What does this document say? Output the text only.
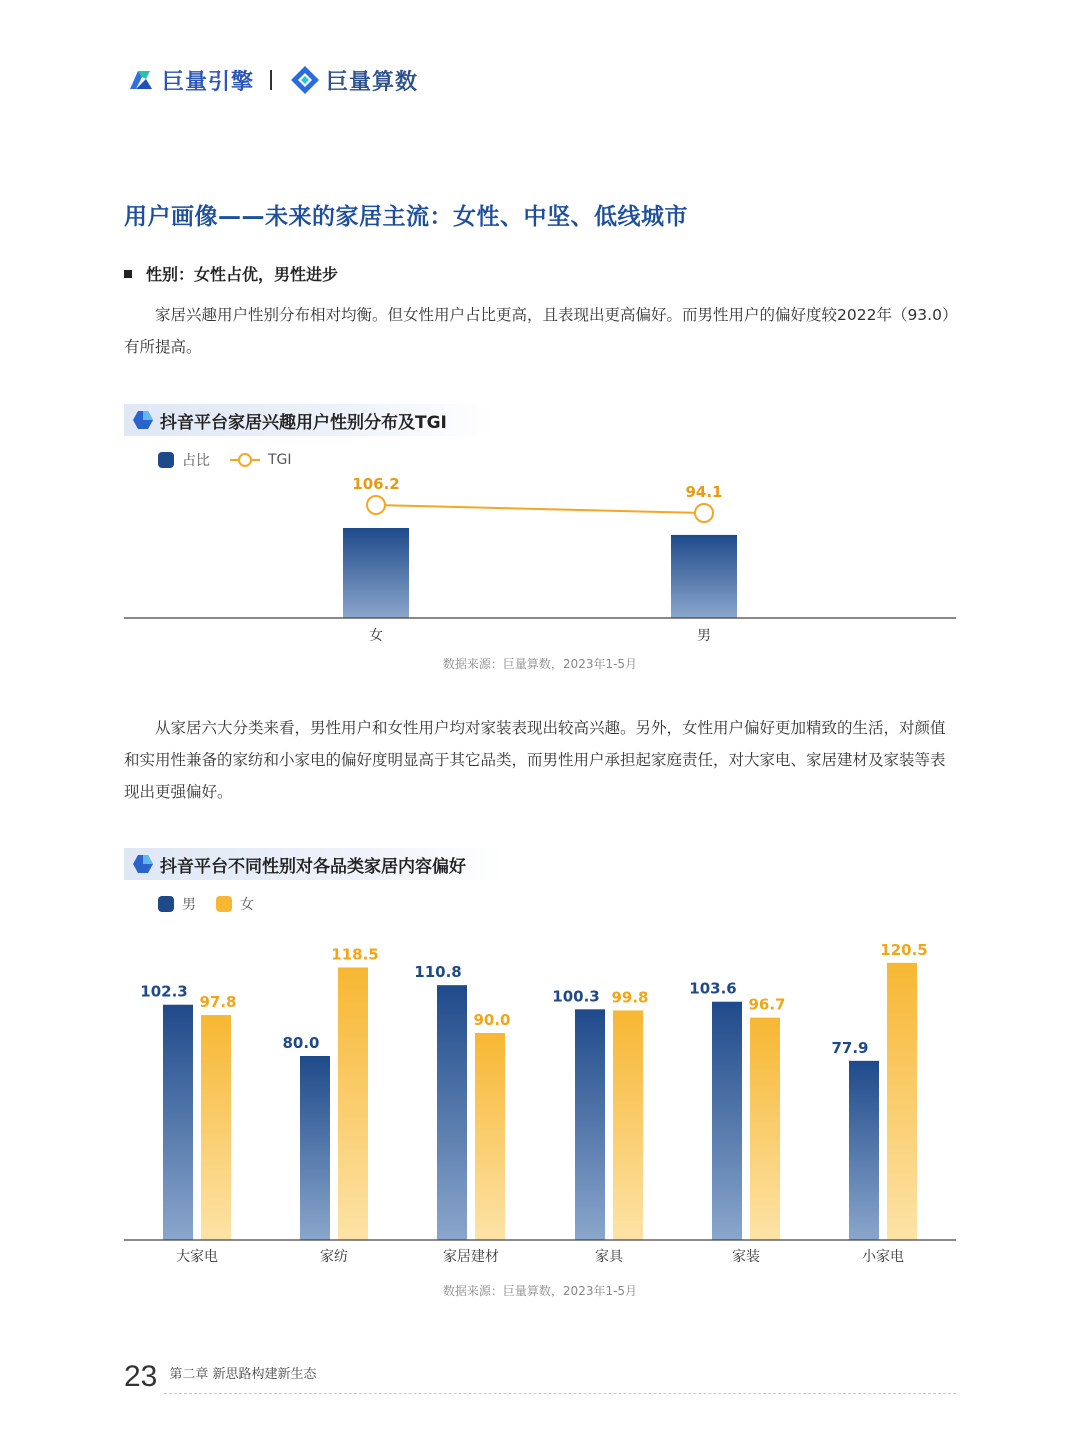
巨量引擎	巨量算数
用户画像——未来的家居主流：女性、中坚、低线城市
性别：女性占优，男性进步
家居兴趣用户性别分布相对均衡。但女性用户占比更高，且表现出更高偏好。而男性用户的偏好度较2022年（93.0）有所提高。
抖音平台家居兴趣用户性别分布及TGI
占比	TGI
106.2	94.1
女	男
数据来源：巨量算数，2023年1-5月
从家居六大分类来看，男性用户和女性用户均对家装表现出较高兴趣。另外，女性用户偏好更加精致的生活，对颜值和实用性兼备的家纺和小家电的偏好度明显高于其它品类，而男性用户承担起家庭责任，对大家电、家居建材及家装等表现出更强偏好。
抖音平台不同性别对各品类家居内容偏好
男	女
102.3
97.8
80.0
118.5
110.8
90.0
100.3 99.8	103.6
96.7
77.9
120.5
大家电	家纺	家居建材	家具	家装	小家电
数据来源：巨量算数，2023年1-5月
23 第二章 新思路构建新生态
